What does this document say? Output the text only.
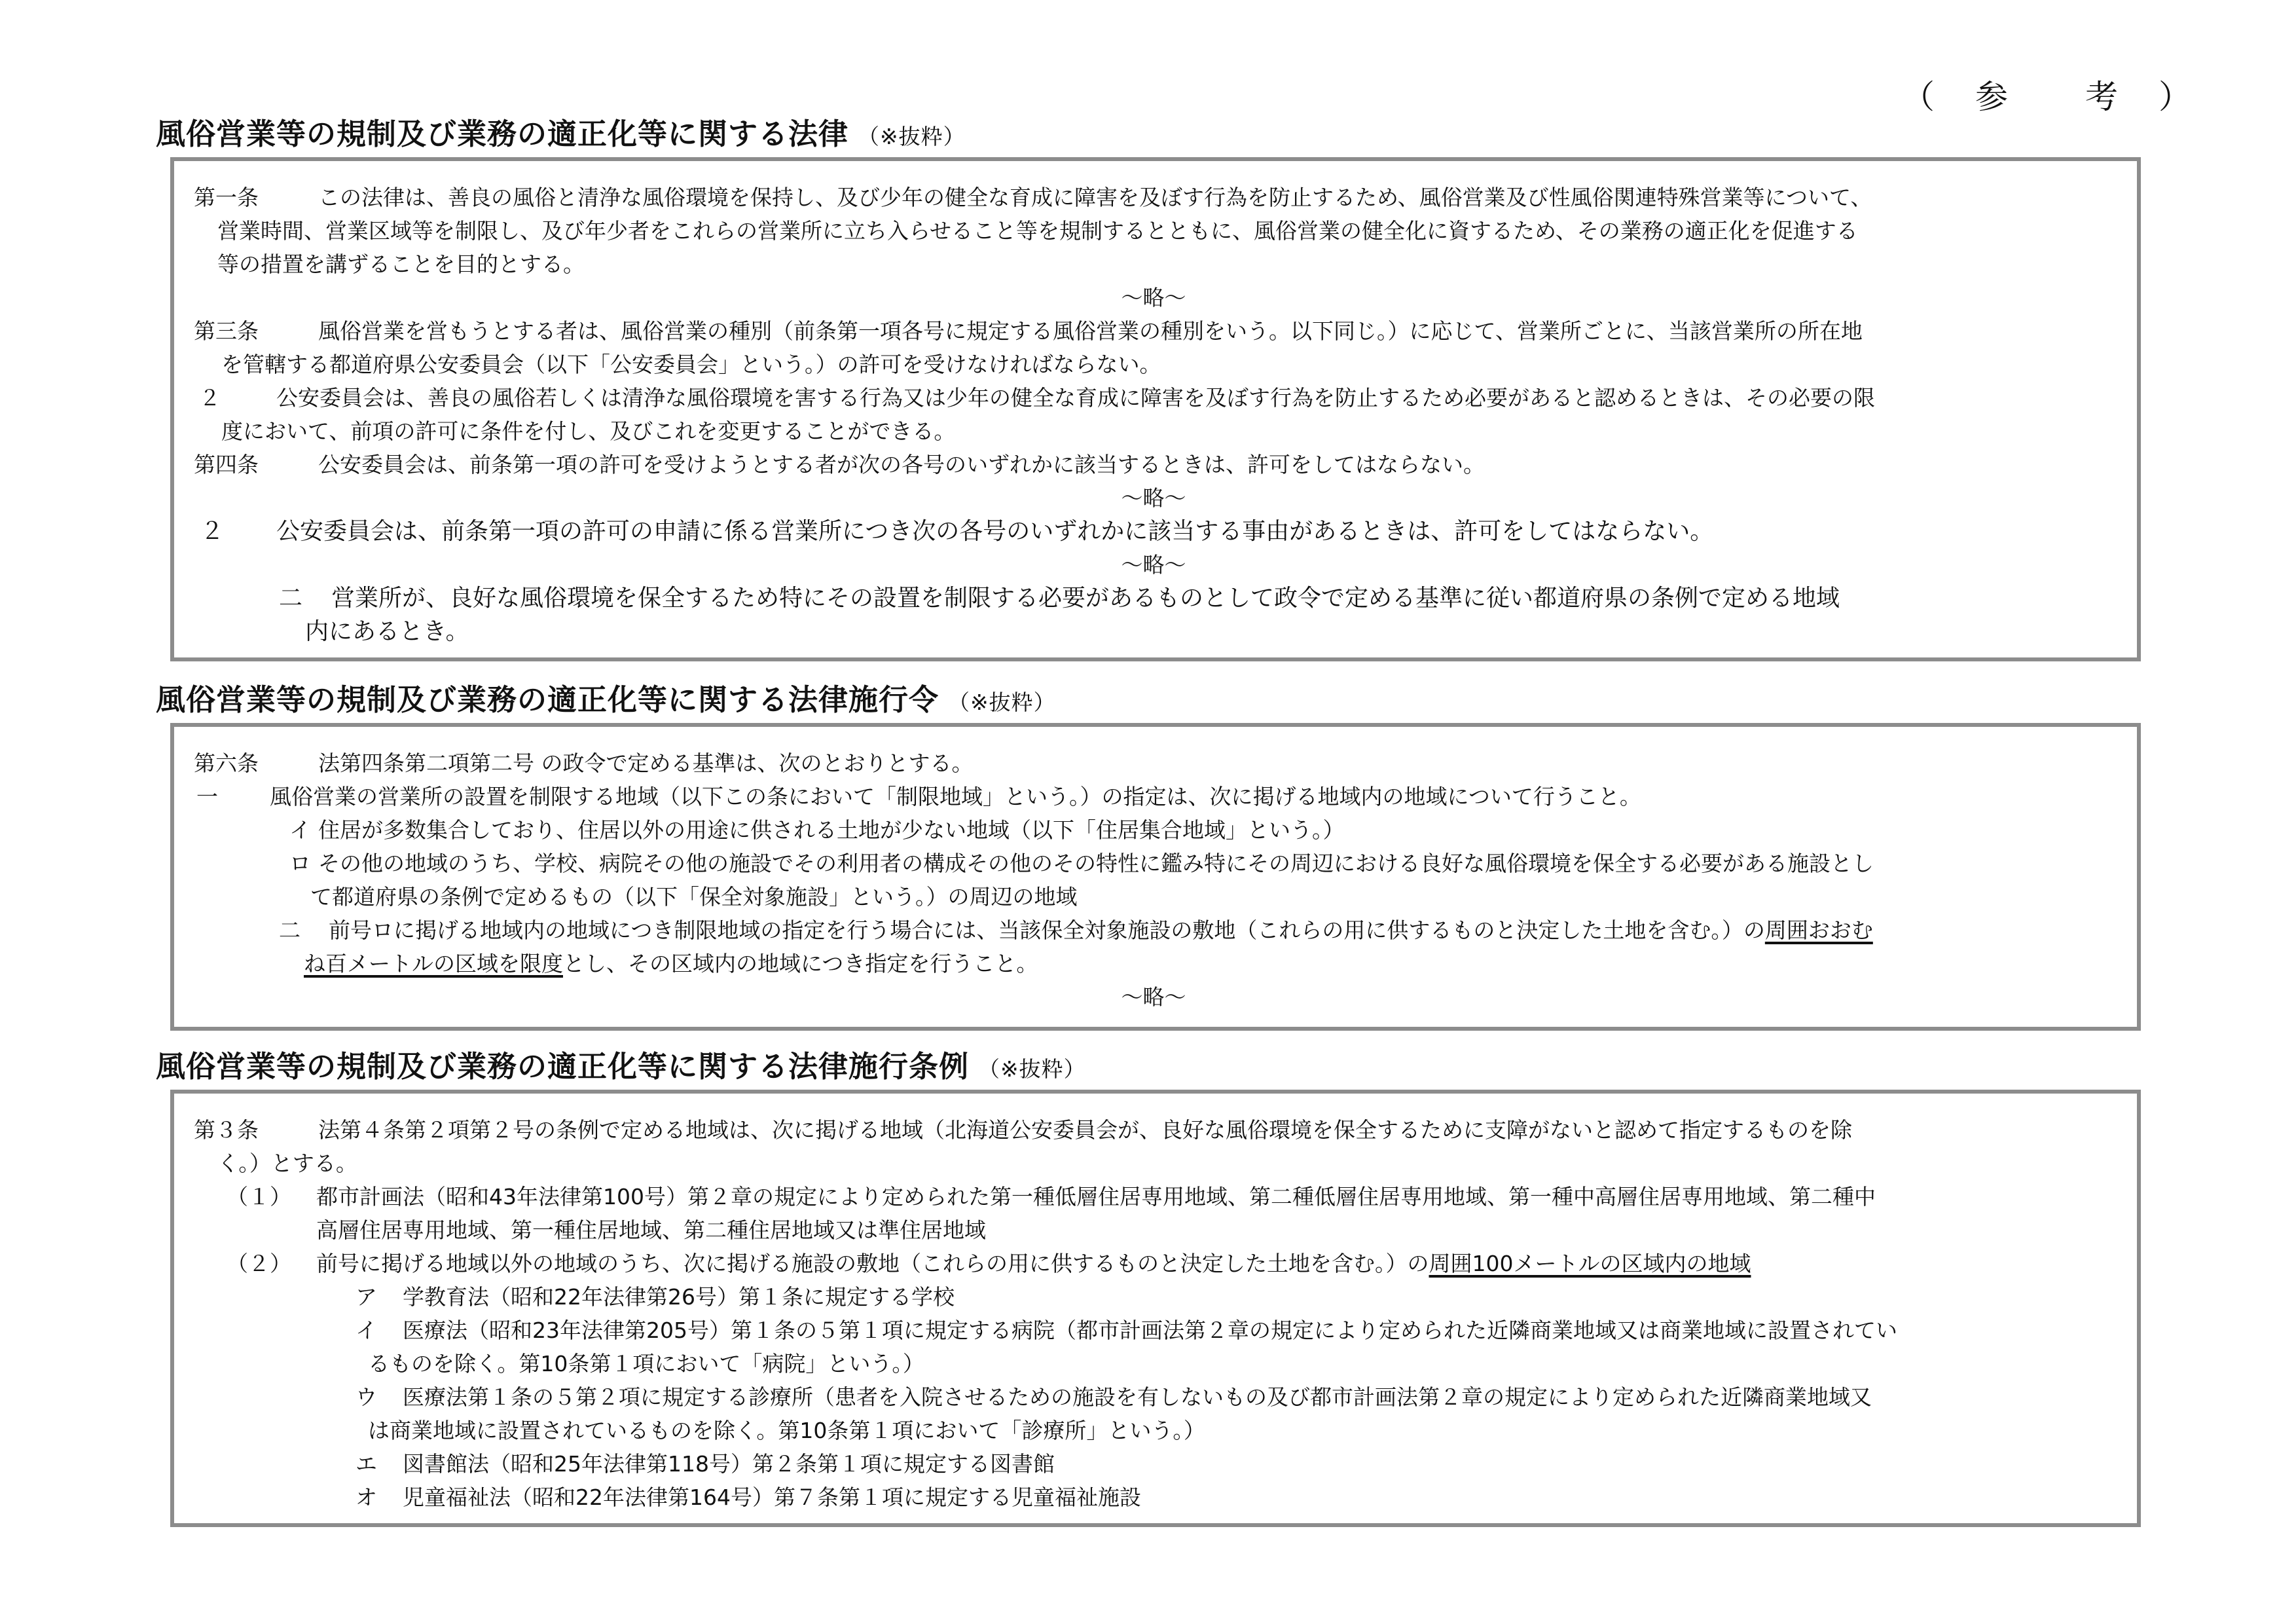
（　参　　考　）
風俗営業等の規制及び業務の適正化等に関する法律 （※抜粋）
第一条	この法律は、善良の風俗と清浄な風俗環境を保持し、及び少年の健全な育成に障害を及ぼす行為を防止するため、風俗営業及び性風俗関連特殊営業等について、
営業時間、営業区域等を制限し、及び年少者をこれらの営業所に立ち入らせること等を規制するとともに、風俗営業の健全化に資するため、その業務の適正化を促進する
等の措置を講ずることを目的とする。
～略～
第三条	風俗営業を営もうとする者は、風俗営業の種別（前条第一項各号に規定する風俗営業の種別をいう。以下同じ。）に応じて、営業所ごとに、当該営業所の所在地
を管轄する都道府県公安委員会（以下「公安委員会」という。）の許可を受けなければならない。
２	公安委員会は、善良の風俗若しくは清浄な風俗環境を害する行為又は少年の健全な育成に障害を及ぼす行為を防止するため必要があると認めるときは、その必要の限
度において、前項の許可に条件を付し、及びこれを変更することができる。
第四条	公安委員会は、前条第一項の許可を受けようとする者が次の各号のいずれかに該当するときは、許可をしてはならない。
～略～
２ 公安委員会は、前条第一項の許可の申請に係る営業所につき次の各号のいずれかに該当する事由があるときは、許可をしてはならない。
～略～
二 営業所が、良好な風俗環境を保全するため特にその設置を制限する必要があるものとして政令で定める基準に従い都道府県の条例で定める地域
内にあるとき。
風俗営業等の規制及び業務の適正化等に関する法律施行令 （※抜粋）
第六条	法第四条第二項第二号 の政令で定める基準は、次のとおりとする。
一 風俗営業の営業所の設置を制限する地域（以下この条において「制限地域」という。）の指定は、次に掲げる地域内の地域について行うこと。
イ 住居が多数集合しており、住居以外の用途に供される土地が少ない地域（以下「住居集合地域」という。）
ロ その他の地域のうち、学校、病院その他の施設でその利用者の構成その他のその特性に鑑み特にその周辺における良好な風俗環境を保全する必要がある施設とし
て都道府県の条例で定めるもの（以下「保全対象施設」という。）の周辺の地域
二 前号ロに掲げる地域内の地域につき制限地域の指定を行う場合には、当該保全対象施設の敷地（これらの用に供するものと決定した土地を含む。）の周囲おおむ
ね百メートルの区域を限度とし、その区域内の地域につき指定を行うこと。
～略～
風俗営業等の規制及び業務の適正化等に関する法律施行条例 （※抜粋）
第３条	法第４条第２項第２号の条例で定める地域は、次に掲げる地域（北海道公安委員会が、良好な風俗環境を保全するために支障がないと認めて指定するものを除
く。）とする。
（１） 都市計画法（昭和43年法律第100号）第２章の規定により定められた第一種低層住居専用地域、第二種低層住居専用地域、第一種中高層住居専用地域、第二種中
高層住居専用地域、第一種住居地域、第二種住居地域又は準住居地域
（２） 前号に掲げる地域以外の地域のうち、次に掲げる施設の敷地（これらの用に供するものと決定した土地を含む。）の周囲100メートルの区域内の地域
ア 学教育法（昭和22年法律第26号）第１条に規定する学校
イ 医療法（昭和23年法律第205号）第１条の５第１項に規定する病院（都市計画法第２章の規定により定められた近隣商業地域又は商業地域に設置されてい
るものを除く。第10条第１項において「病院」という。）
ウ 医療法第１条の５第２項に規定する診療所（患者を入院させるための施設を有しないもの及び都市計画法第２章の規定により定められた近隣商業地域又
は商業地域に設置されているものを除く。第10条第１項において「診療所」という。）
エ 図書館法（昭和25年法律第118号）第２条第１項に規定する図書館
オ 児童福祉法（昭和22年法律第164号）第７条第１項に規定する児童福祉施設
